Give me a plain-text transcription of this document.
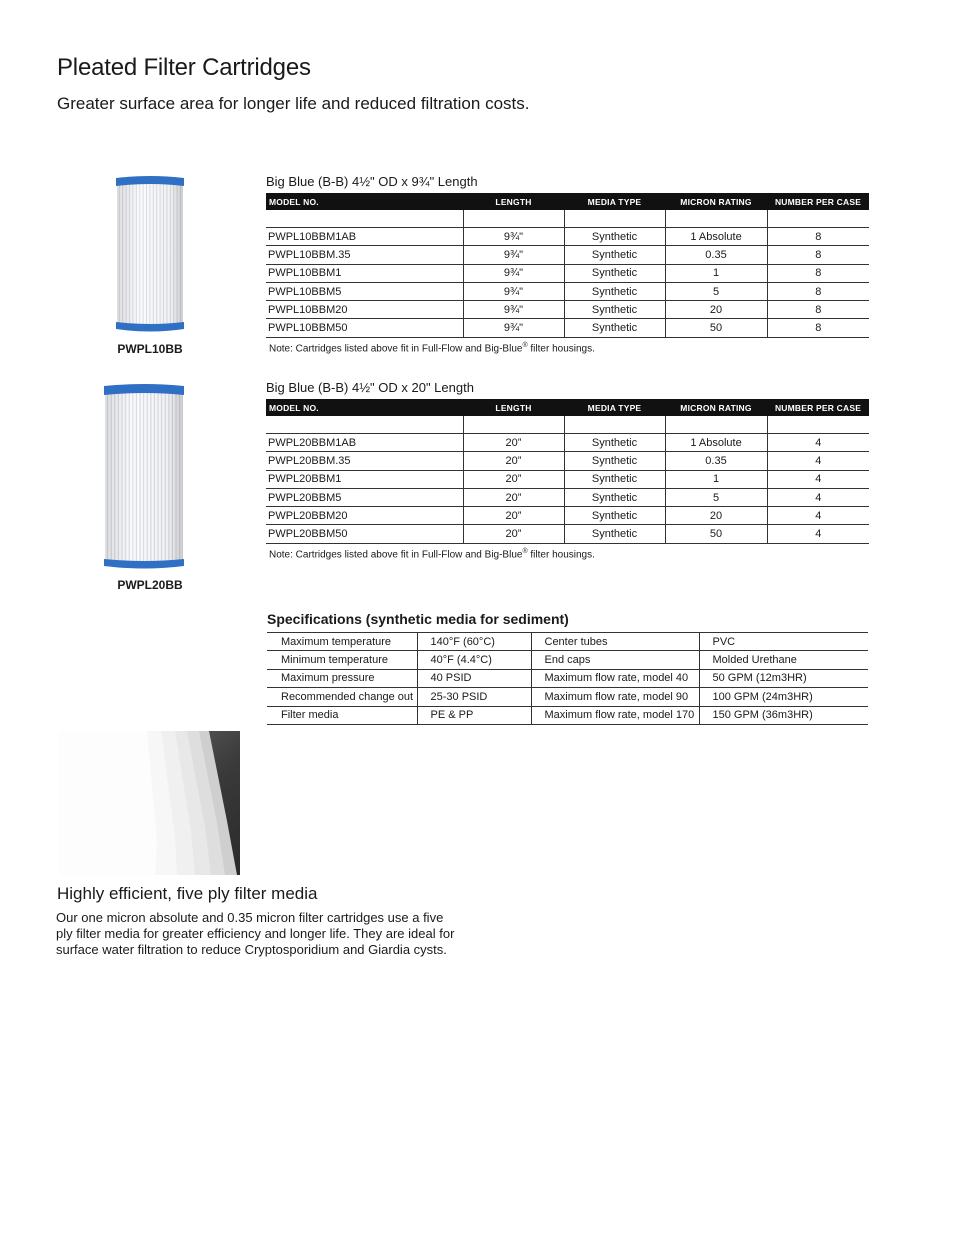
Pleated Filter Cartridges
Greater surface area for longer life and reduced filtration costs.
PWPL10BB
PWPL20BB
Big Blue (B-B) 4½" OD x 9¾" Length
MODEL NO.	LENGTH	MEDIA TYPE	MICRON RATING	NUMBER PER CASE

PWPL10BBM1AB	9¾"	Synthetic	1 Absolute	8
PWPL10BBM.35	9¾"	Synthetic	0.35	8
PWPL10BBM1	9¾"	Synthetic	1	8
PWPL10BBM5	9¾"	Synthetic	5	8
PWPL10BBM20	9¾"	Synthetic	20	8
PWPL10BBM50	9¾"	Synthetic	50	8
Note: Cartridges listed above fit in Full-Flow and Big-Blue® filter housings.
Big Blue (B-B) 4½" OD x 20" Length
MODEL NO.	LENGTH	MEDIA TYPE	MICRON RATING	NUMBER PER CASE

PWPL20BBM1AB	20”	Synthetic	1 Absolute	4
PWPL20BBM.35	20”	Synthetic	0.35	4
PWPL20BBM1	20”	Synthetic	1	4
PWPL20BBM5	20”	Synthetic	5	4
PWPL20BBM20	20”	Synthetic	20	4
PWPL20BBM50	20”	Synthetic	50	4
Note: Cartridges listed above fit in Full-Flow and Big-Blue® filter housings.
Specifications (synthetic media for sediment)
Maximum temperature	140°F (60°C)	Center tubes	PVC
Minimum temperature	40°F (4.4°C)	End caps	Molded Urethane
Maximum pressure	40 PSID	Maximum flow rate, model 40	50 GPM (12m3HR)
Recommended change out	25-30 PSID	Maximum flow rate, model 90	100 GPM (24m3HR)
Filter media	PE & PP	Maximum flow rate, model 170	150 GPM (36m3HR)
Highly efficient, five ply filter media

Our one micron absolute and 0.35 micron filter cartridges use a five ply filter media for greater efficiency and longer life. They are ideal for surface water filtration to reduce Cryptosporidium and Giardia cysts.
